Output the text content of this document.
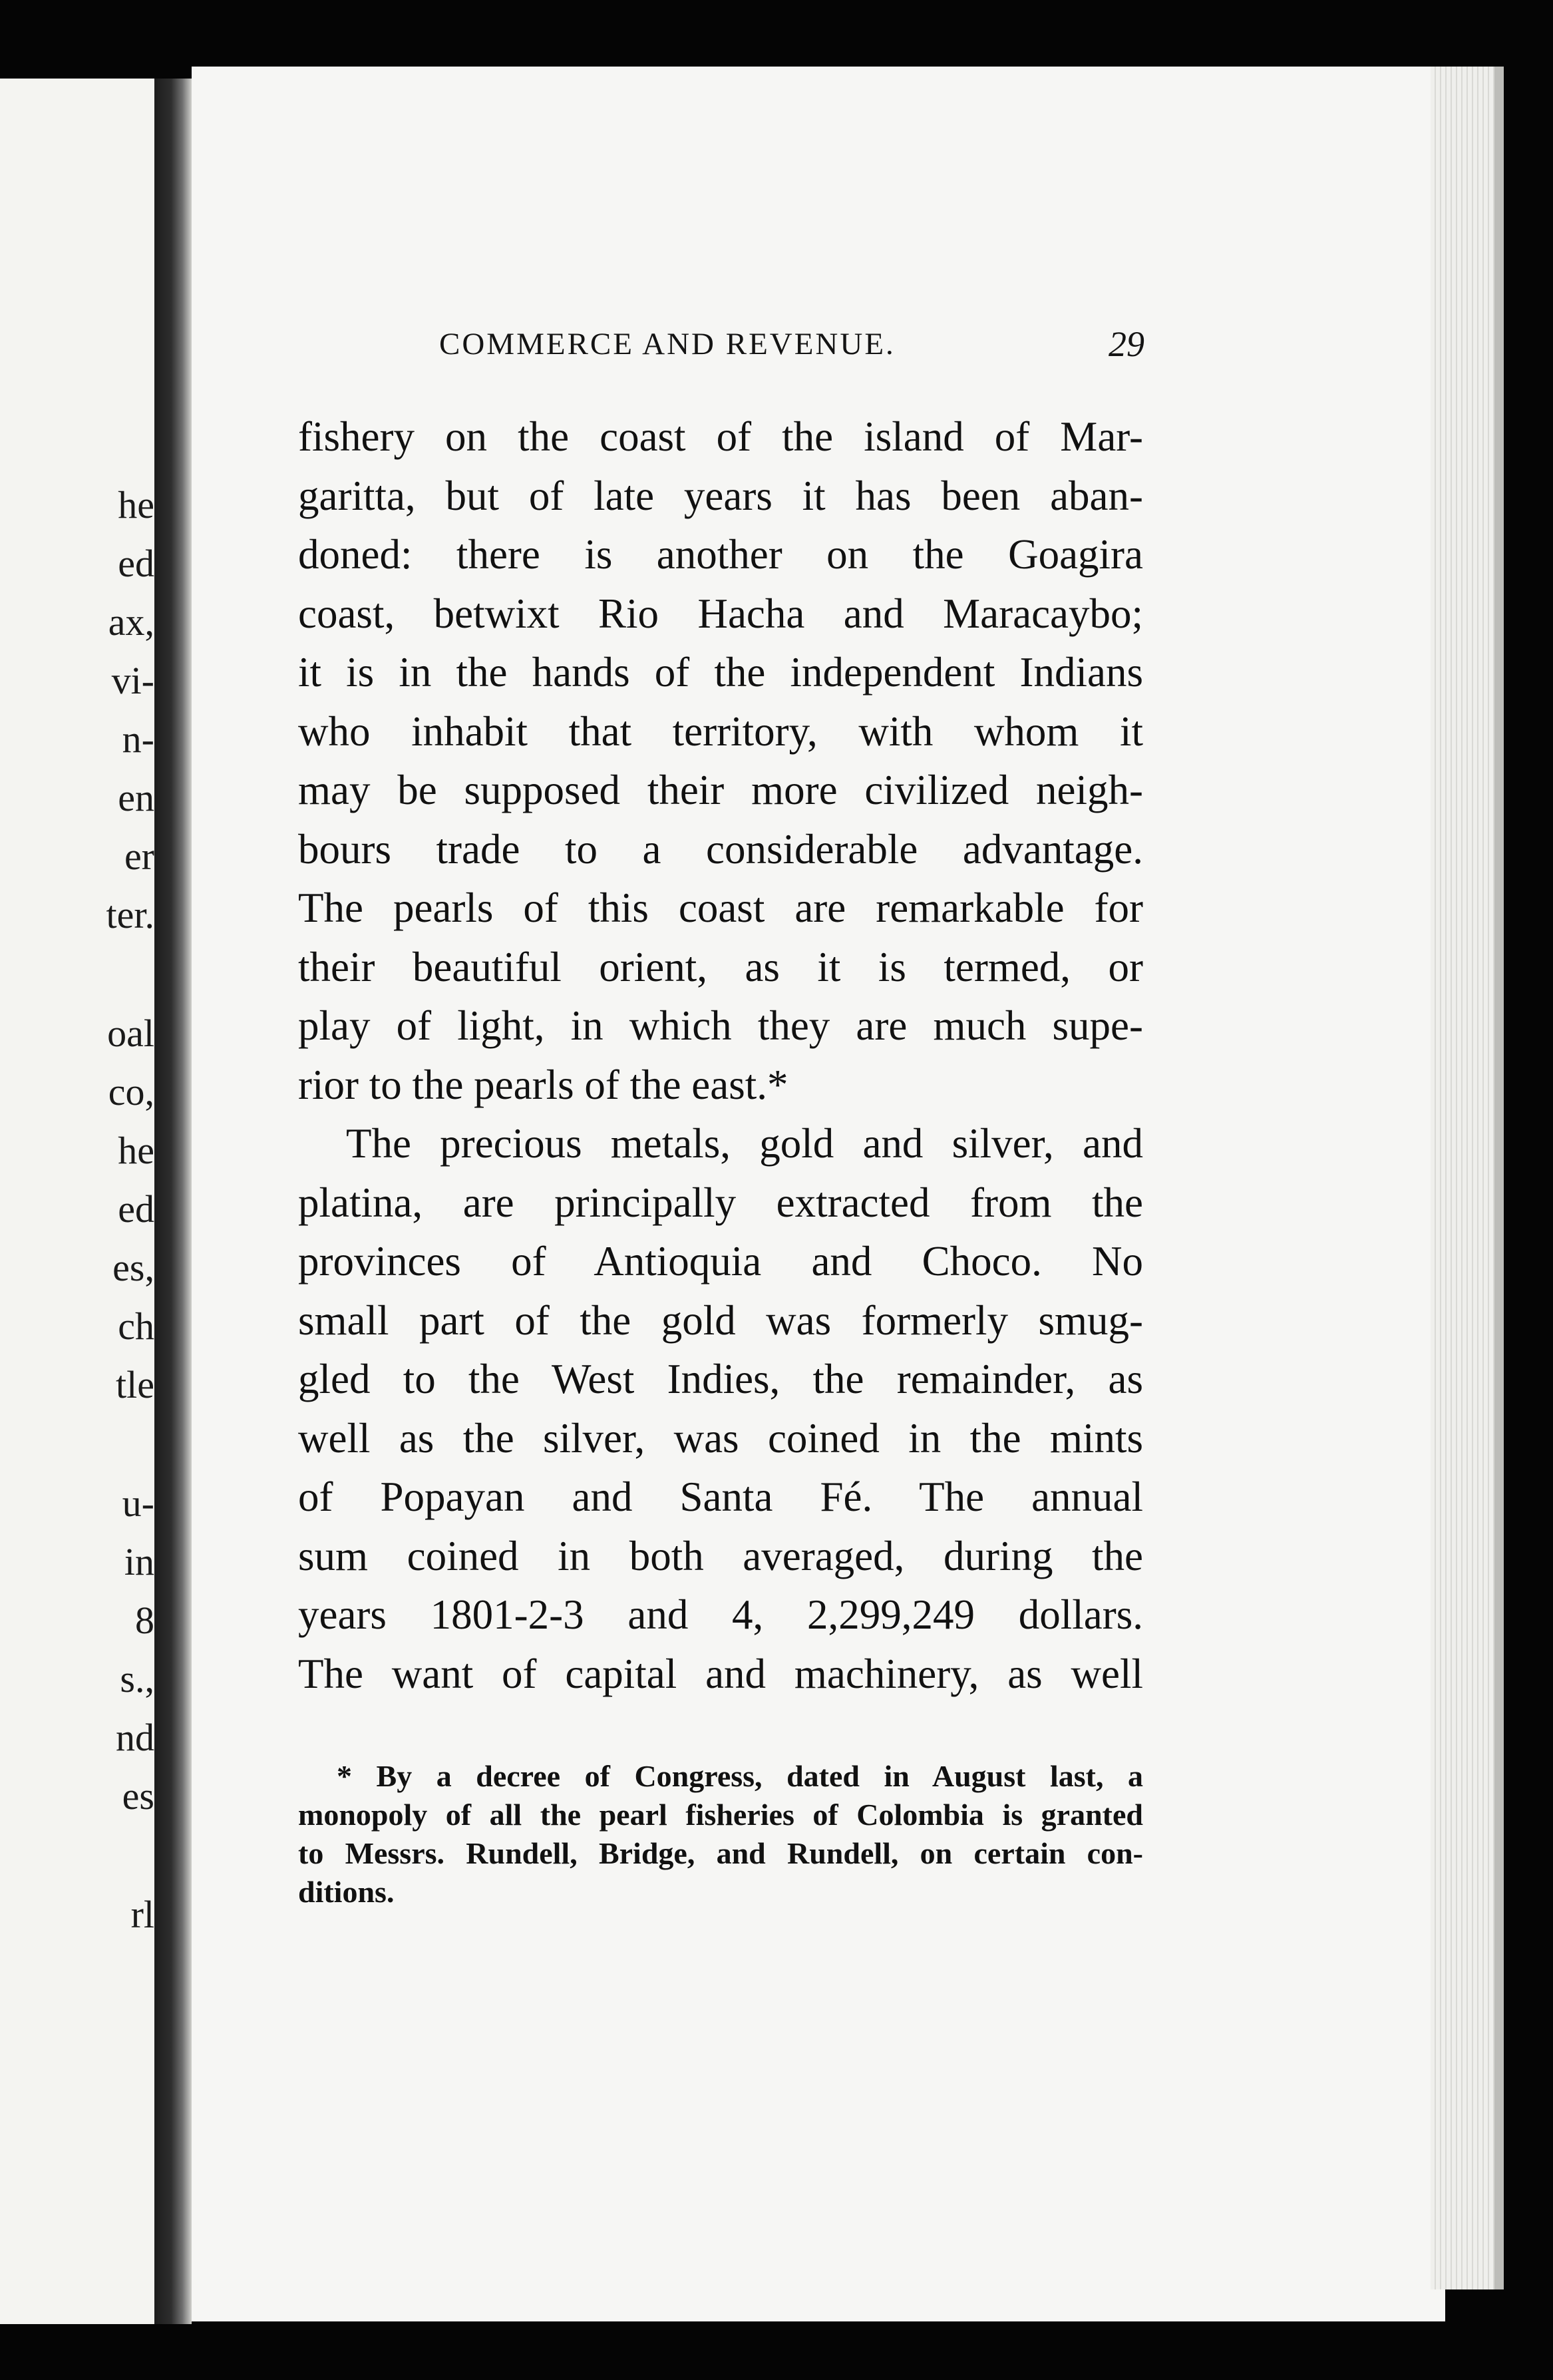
he
ed
ax,
vi-
n-
en
er
ter.
oal
co,
he
ed
es,
ch
tle
u-
in
8
s.,
nd
es
rl
COMMERCE AND REVENUE.	29
fishery on the coast of the island of Mar-
garitta, but of late years it has been aban-
doned: there is another on the Goagira
coast, betwixt Rio Hacha and Maracaybo;
it is in the hands of the independent Indians
who inhabit that territory, with whom it
may be supposed their more civilized neigh-
bours trade to a considerable advantage.
The pearls of this coast are remarkable for
their beautiful orient, as it is termed, or
play of light, in which they are much supe-
rior to the pearls of the east.*
The precious metals, gold and silver, and
platina, are principally extracted from the
provinces of Antioquia and Choco. No
small part of the gold was formerly smug-
gled to the West Indies, the remainder, as
well as the silver, was coined in the mints
of Popayan and Santa Fé. The annual
sum coined in both averaged, during the
years 1801-2-3 and 4, 2,299,249 dollars.
The want of capital and machinery, as well
* By a decree of Congress, dated in August last, a
monopoly of all the pearl fisheries of Colombia is granted
to Messrs. Rundell, Bridge, and Rundell, on certain con-
ditions.
